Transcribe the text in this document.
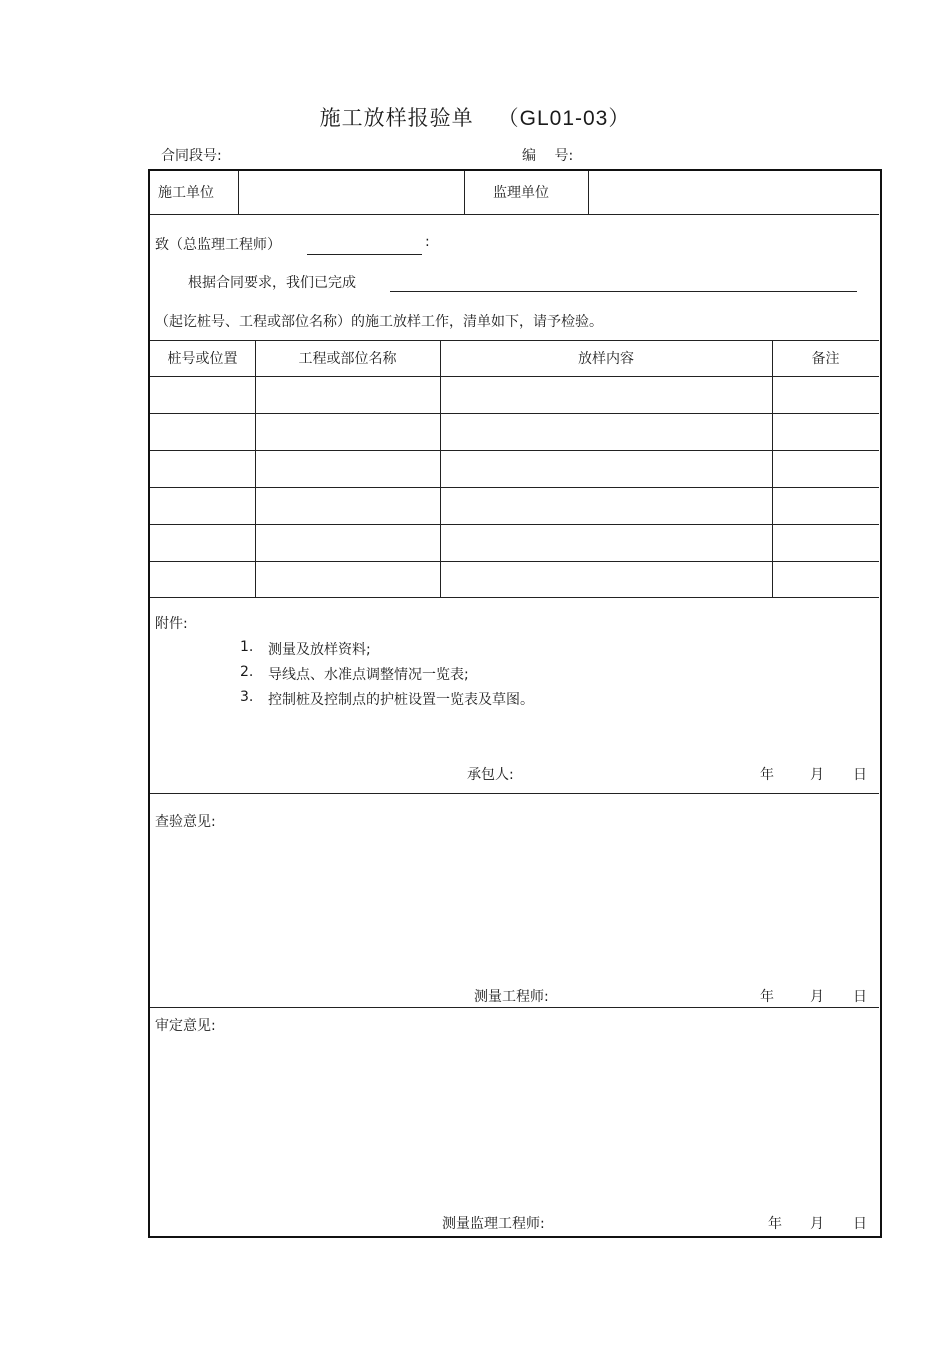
施工放样报验单 （GL01-03）
合同段号:	编　 号:
施工单位	监理单位
致（总监理工程师）	:
根据合同要求，我们已完成
（起讫桩号、工程或部位名称）的施工放样工作，清单如下，请予检验。
桩号或位置	工程或部位名称	放样内容	备注
附件:
1. 测量及放样资料;
2. 导线点、水准点调整情况一览表;
3. 控制桩及控制点的护桩设置一览表及草图。
承包人:	年	月 日
查验意见:
测量工程师:	年	月 日
审定意见:
测量监理工程师:	年 月 日
